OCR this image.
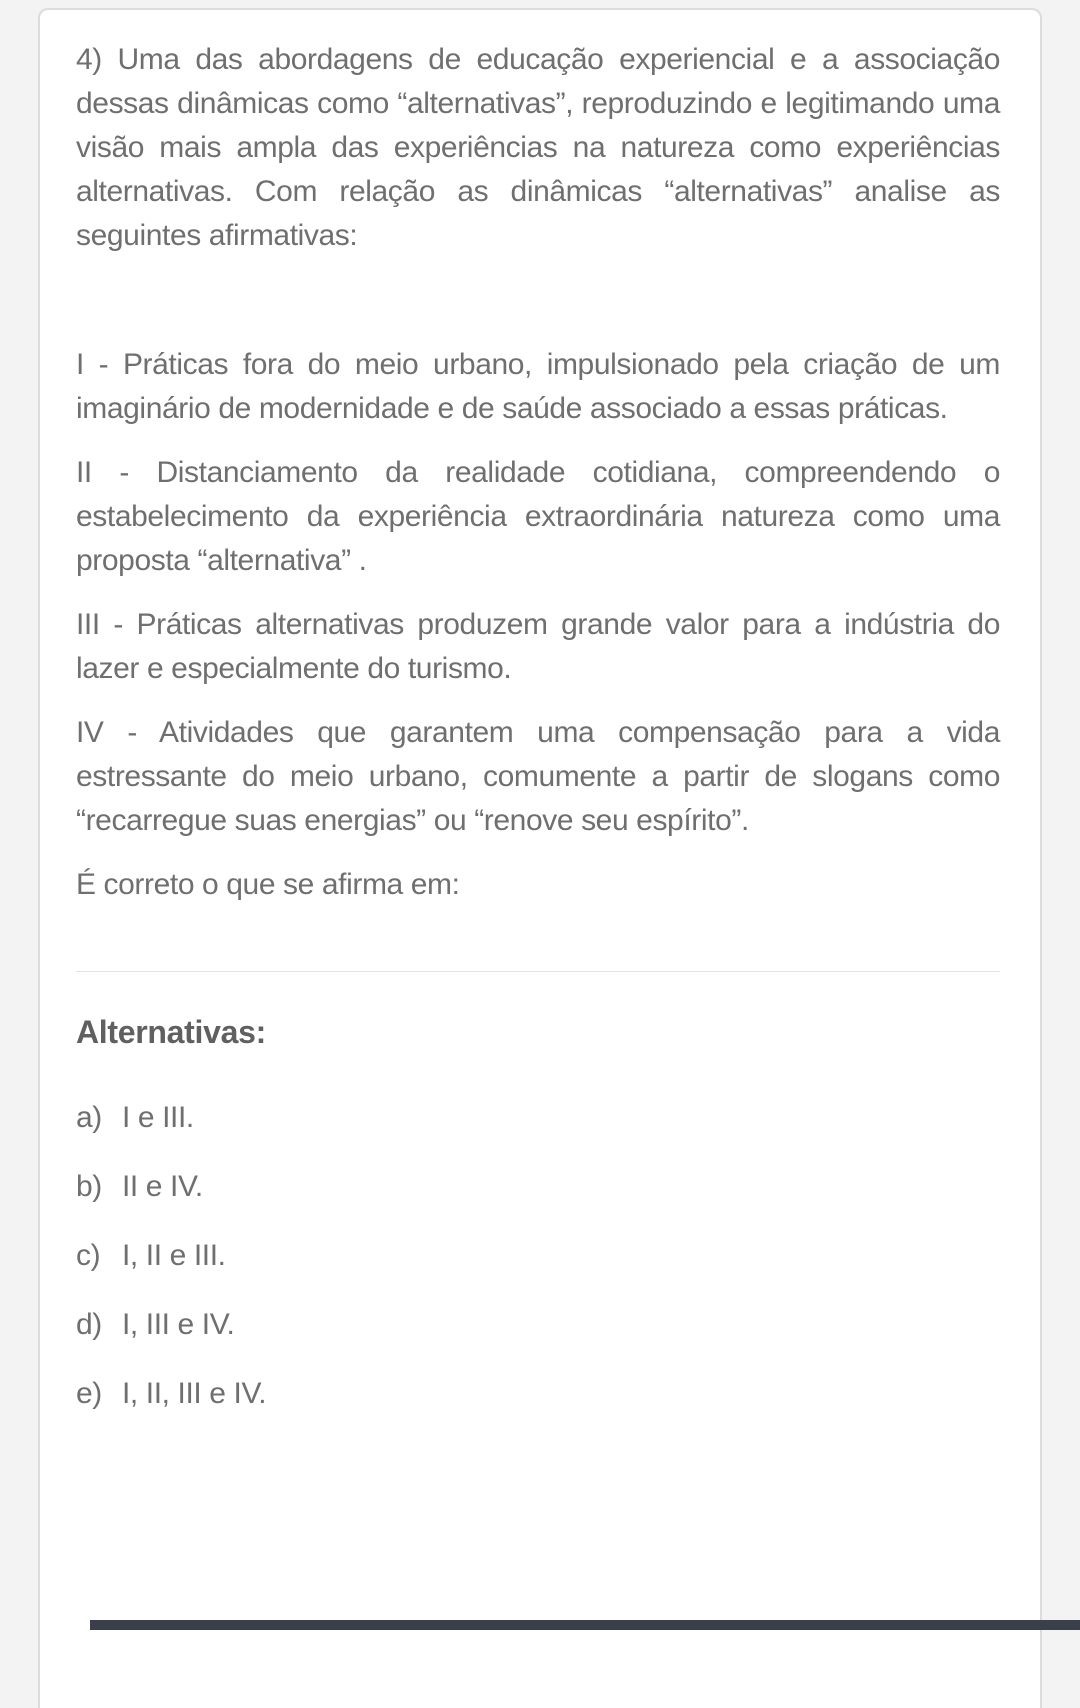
4) Uma das abordagens de educação experiencial e a associação dessas dinâmicas como “alternativas”, reproduzindo e legitimando uma visão mais ampla das experiências na natureza como experiências alternativas. Com relação as dinâmicas “alternativas” analise as seguintes afirmativas:

I - Práticas fora do meio urbano, impulsionado pela criação de um imaginário de modernidade e de saúde associado a essas práticas.

II - Distanciamento da realidade cotidiana, compreendendo o estabelecimento da experiência extraordinária natureza como uma proposta “alternativa” .

III - Práticas alternativas produzem grande valor para a indústria do lazer e especialmente do turismo.

IV - Atividades que garantem uma compensação para a vida estressante do meio urbano, comumente a partir de slogans como “recarregue suas energias” ou “renove seu espírito”.

É correto o que se afirma em:

Alternativas:
a) I e III.
b) II e IV.
c) I, II e III.
d) I, III e IV.
e) I, II, III e IV.
